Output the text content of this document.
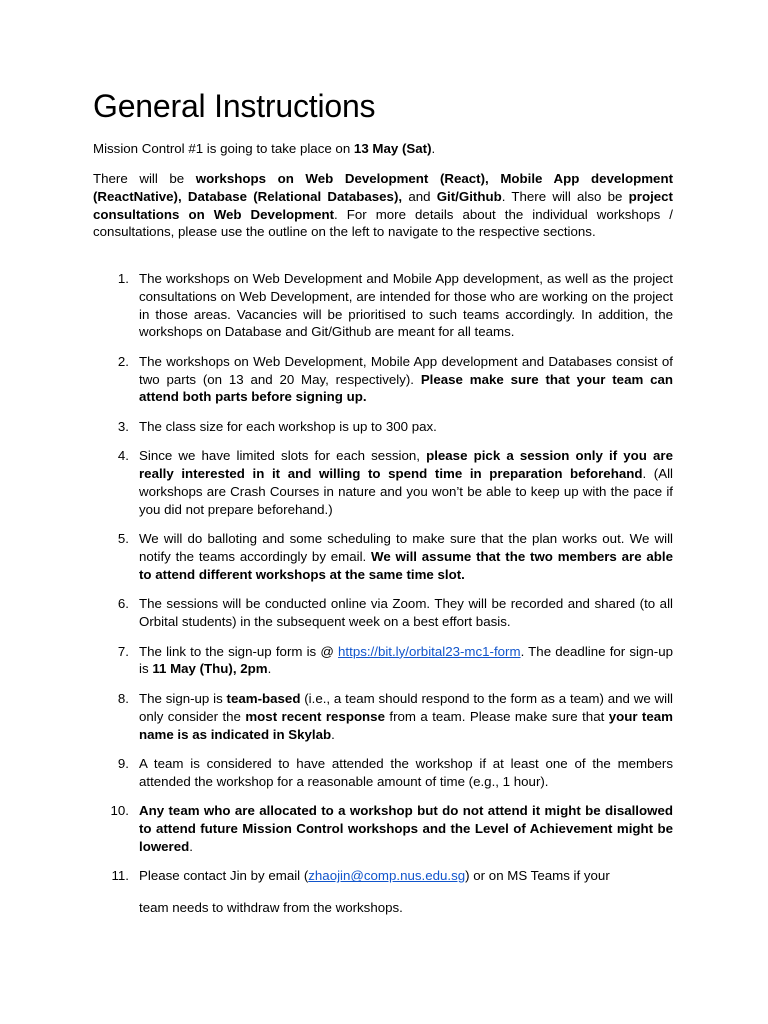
General Instructions

Mission Control #1 is going to take place on 13 May (Sat).

There will be workshops on Web Development (React), Mobile App development (ReactNative), Database (Relational Databases), and Git/Github. There will also be project consultations on Web Development. For more details about the individual workshops / consultations, please use the outline on the left to navigate to the respective sections.

1. The workshops on Web Development and Mobile App development, as well as the project consultations on Web Development, are intended for those who are working on the project in those areas. Vacancies will be prioritised to such teams accordingly. In addition, the workshops on Database and Git/Github are meant for all teams.
2. The workshops on Web Development, Mobile App development and Databases consist of two parts (on 13 and 20 May, respectively). Please make sure that your team can attend both parts before signing up.
3. The class size for each workshop is up to 300 pax.
4. Since we have limited slots for each session, please pick a session only if you are really interested in it and willing to spend time in preparation beforehand. (All workshops are Crash Courses in nature and you won’t be able to keep up with the pace if you did not prepare beforehand.)
5. We will do balloting and some scheduling to make sure that the plan works out. We will notify the teams accordingly by email. We will assume that the two members are able to attend different workshops at the same time slot.
6. The sessions will be conducted online via Zoom. They will be recorded and shared (to all Orbital students) in the subsequent week on a best effort basis.
7. The link to the sign-up form is @ https://bit.ly/orbital23-mc1-form. The deadline for sign-up is 11 May (Thu), 2pm.
8. The sign-up is team-based (i.e., a team should respond to the form as a team) and we will only consider the most recent response from a team. Please make sure that your team name is as indicated in Skylab.
9. A team is considered to have attended the workshop if at least one of the members attended the workshop for a reasonable amount of time (e.g., 1 hour).
10. Any team who are allocated to a workshop but do not attend it might be disallowed to attend future Mission Control workshops and the Level of Achievement might be lowered.
11. Please contact Jin by email (zhaojin@comp.nus.edu.sg) or on MS Teams if your
team needs to withdraw from the workshops.
